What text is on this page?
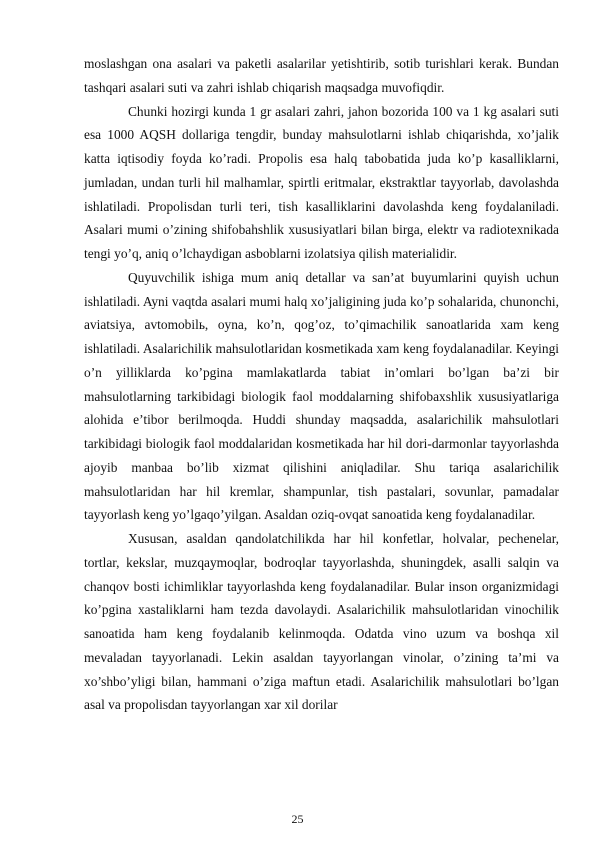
moslashgan ona asalari va paketli asalarilar yetishtirib, sotib turishlari kerak. Bundan tashqari asalari suti va zahri ishlab chiqarish maqsadga muvofiqdir.

Chunki hozirgi kunda 1 gr asalari zahri, jahon bozorida 100 va 1 kg asalari suti esa 1000 AQSH dollariga tengdir, bunday mahsulotlarni ishlab chiqarishda, xo’jalik katta iqtisodiy foyda ko’radi. Propolis esa halq tabobatida juda ko’p kasalliklarni, jumladan, undan turli hil malhamlar, spirtli eritmalar, ekstraktlar tayyorlab, davolashda ishlatiladi. Propolisdan turli teri, tish kasalliklarini davolashda keng foydalaniladi. Asalari mumi o’zining shifobahshlik xususiyatlari bilan birga, elektr va radiotexnikada tengi yo’q, aniq o’lchaydigan asboblarni izolatsiya qilish materialidir.

Quyuvchilik ishiga mum aniq detallar va san’at buyumlarini quyish uchun ishlatiladi. Ayni vaqtda asalari mumi halq xo’jaligining juda ko’p sohalarida, chunonchi, aviatsiya, avtomobilь, oyna, ko’n, qog’oz, to’qimachilik sanoatlarida xam keng ishlatiladi. Asalarichilik mahsulotlaridan kosmetikada xam keng foydalanadilar. Keyingi o’n yilliklarda ko’pgina mamlakatlarda tabiat in’omlari bo’lgan ba’zi bir mahsulotlarning tarkibidagi biologik faol moddalarning shifobaxshlik xususiyatlariga alohida e’tibor berilmoqda. Huddi shunday maqsadda, asalarichilik mahsulotlari tarkibidagi biologik faol moddalaridan kosmetikada har hil dori-darmonlar tayyorlashda ajoyib manbaa bo’lib xizmat qilishini aniqladilar. Shu tariqa asalarichilik mahsulotlaridan har hil kremlar, shampunlar, tish pastalari, sovunlar, pamadalar tayyorlash keng yo’lgaqo’yilgan. Asaldan oziq-ovqat sanoatida keng foydalanadilar.

Xususan, asaldan qandolatchilikda har hil konfetlar, holvalar, pechenelar, tortlar, kekslar, muzqaymoqlar, bodroqlar tayyorlashda, shuningdek, asalli salqin va chanqov bosti ichimliklar tayyorlashda keng foydalanadilar. Bular inson organizmidagi ko’pgina xastaliklarni ham tezda davolaydi. Asalarichilik mahsulotlaridan vinochilik sanoatida ham keng foydalanib kelinmoqda. Odatda vino uzum va boshqa xil mevaladan tayyorlanadi. Lekin asaldan tayyorlangan vinolar, o’zining ta’mi va xo’shbo’yligi bilan, hammani o’ziga maftun etadi. Asalarichilik mahsulotlari bo’lgan asal va propolisdan tayyorlangan xar xil dorilar

25
